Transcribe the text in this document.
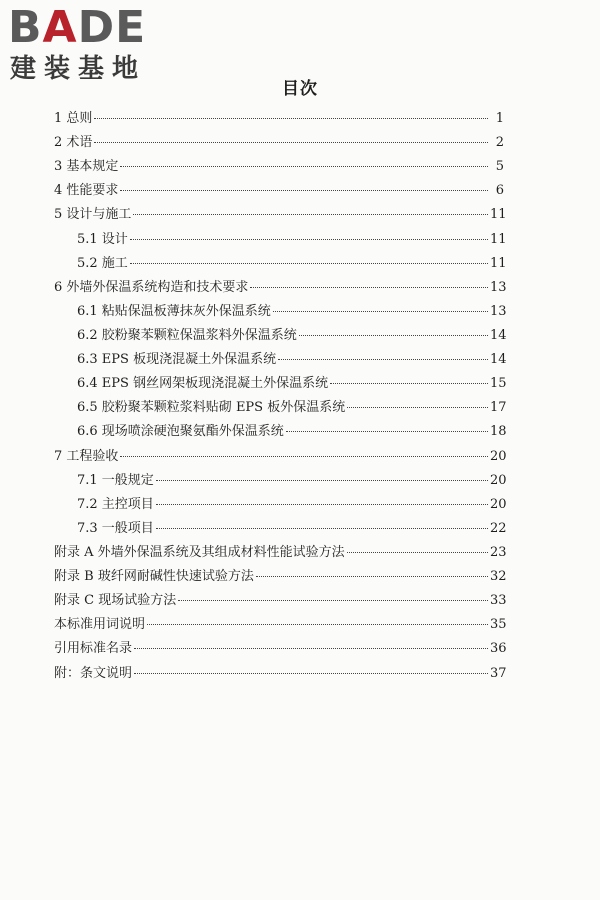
BADE
建装基地
目次
1 总则	1
2 术语	2
3 基本规定	5
4 性能要求	6
5 设计与施工	11
5.1 设计	11
5.2 施工	11
6 外墙外保温系统构造和技术要求	13
6.1 粘贴保温板薄抹灰外保温系统	13
6.2 胶粉聚苯颗粒保温浆料外保温系统	14
6.3 EPS 板现浇混凝土外保温系统	14
6.4 EPS 钢丝网架板现浇混凝土外保温系统	15
6.5 胶粉聚苯颗粒浆料贴砌 EPS 板外保温系统	17
6.6 现场喷涂硬泡聚氨酯外保温系统	18
7 工程验收	20
7.1 一般规定	20
7.2 主控项目	20
7.3 一般项目	22
附录 A 外墙外保温系统及其组成材料性能试验方法	23
附录 B 玻纤网耐碱性快速试验方法	32
附录 C 现场试验方法	33
本标准用词说明	35
引用标准名录	36
附：条文说明	37
